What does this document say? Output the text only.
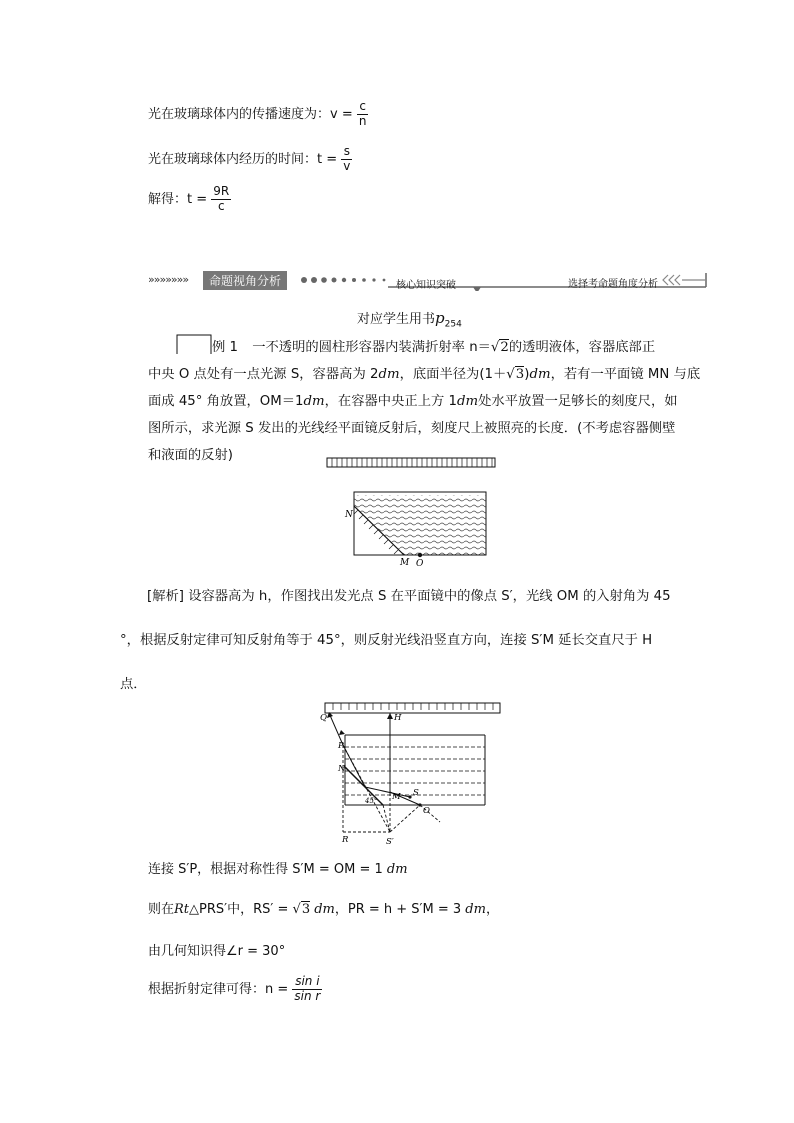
光在玻璃球体内的传播速度为：$v = \frac{c}{n}$
光在玻璃球体内经历的时间：$t = \frac{s}{v}$
解得：$t = \frac{9R}{c}$
»»»»»»»	命题视角分析	核心知识突破	选择考命题角度分析
对应学生用书$p_{254}$
例 1 一不透明的圆柱形容器内装满折射率 n＝√2的透明液体，容器底部正
中央 O 点处有一点光源 S，容器高为 2dm，底面半径为(1＋√3)dm，若有一平面镜 MN 与底
面成 45° 角放置，OM＝1dm，在容器中央正上方 1dm处水平放置一足够长的刻度尺，如
图所示，求光源 S 发出的光线经平面镜反射后，刻度尺上被照亮的长度．(不考虑容器侧壁
和液面的反射)
N
M O
[解析] 设容器高为 h，作图找出发光点 S 在平面镜中的像点 S′，光线 OM 的入射角为 45
°，根据反射定律可知反射角等于 45°，则反射光线沿竖直方向，连接 S′M 延长交直尺于 H
点．
Q	H
P
N
M S
O
R	S′
45°
连接 S′P，根据对称性得 S′M = OM = 1 dm
则在Rt△PRS′中，RS′ = √3 dm，PR = h + S′M = 3 dm，
由几何知识得∠r = 30°
根据折射定律可得：$n = \frac{\text{sin i}}{\text{sin r}}$
